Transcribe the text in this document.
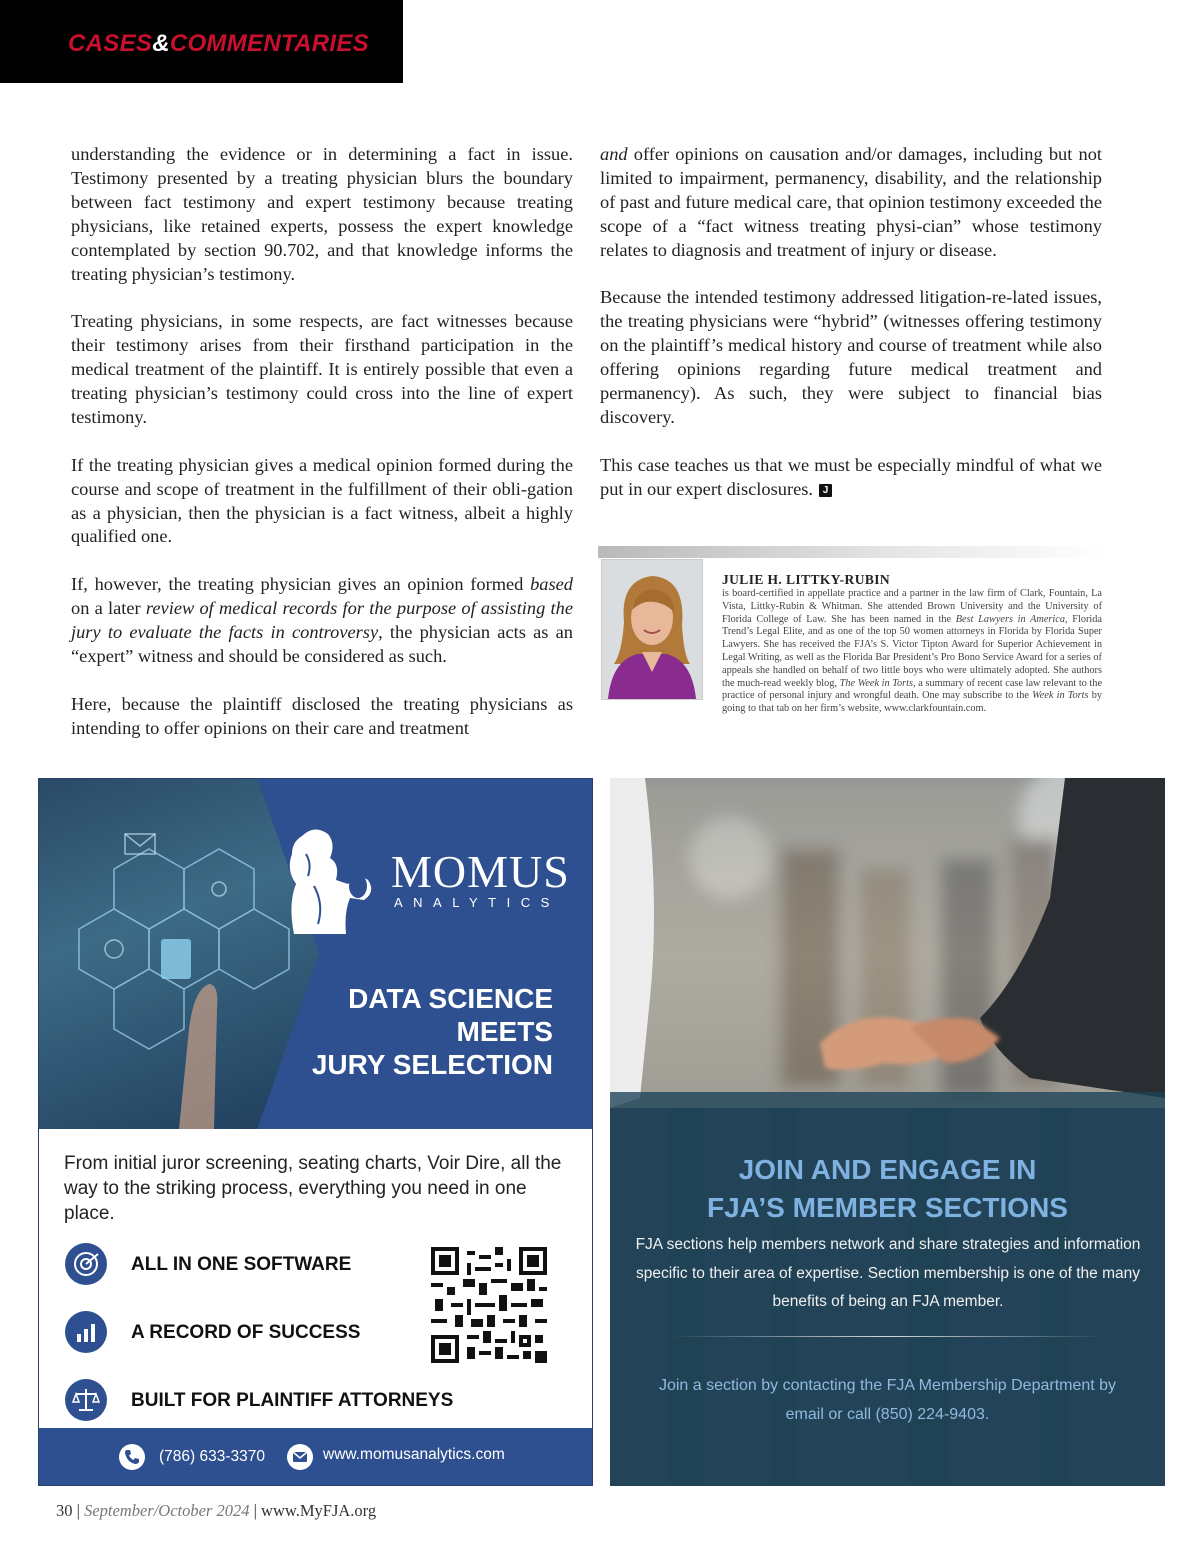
CASES&COMMENTARIES

understanding the evidence or in determining a fact in issue. Testimony presented by a treating physician blurs the boundary between fact testimony and expert testimony because treating physicians, like retained experts, possess the expert knowledge contemplated by section 90.702, and that knowledge informs the treating physician’s testimony.

Treating physicians, in some respects, are fact witnesses because their testimony arises from their firsthand participation in the medical treatment of the plaintiff. It is entirely possible that even a treating physician’s testimony could cross into the line of expert testimony.

If the treating physician gives a medical opinion formed during the course and scope of treatment in the fulfillment of their obli-gation as a physician, then the physician is a fact witness, albeit a highly qualified one.

If, however, the treating physician gives an opinion formed based on a later review of medical records for the purpose of assisting the jury to evaluate the facts in controversy, the physician acts as an “expert” witness and should be considered as such.

Here, because the plaintiff disclosed the treating physicians as intending to offer opinions on their care and treatment

and offer opinions on causation and/or damages, including but not limited to impairment, permanency, disability, and the relationship of past and future medical care, that opinion testimony exceeded the scope of a “fact witness treating physi-cian” whose testimony relates to diagnosis and treatment of injury or disease.

Because the intended testimony addressed litigation-re-lated issues, the treating physicians were “hybrid” (witnesses offering testimony on the plaintiff’s medical history and course of treatment while also offering opinions regarding future medical treatment and permanency). As such, they were subject to financial bias discovery.

This case teaches us that we must be especially mindful of what we put in our expert disclosures. J

JULIE H. LITTKY-RUBIN
is board-certified in appellate practice and a partner in the law firm of Clark, Fountain, La Vista, Littky-Rubin & Whitman. She attended Brown University and the University of Florida College of Law. She has been named in the Best Lawyers in America, Florida Trend’s Legal Elite, and as one of the top 50 women attorneys in Florida by Florida Super Lawyers. She has received the FJA’s S. Victor Tipton Award for Superior Achievement in Legal Writing, as well as the Florida Bar President’s Pro Bono Service Award for a series of appeals she handled on behalf of two little boys who were ultimately adopted. She authors the much-read weekly blog, The Week in Torts, a summary of recent case law relevant to the practice of personal injury and wrongful death. One may subscribe to the Week in Torts by going to that tab on her firm’s website, www.clarkfountain.com.
MOMUS
ANALYTICS
DATA SCIENCE
MEETS
JURY SELECTION
From initial juror screening, seating charts, Voir Dire, all the way to the striking process, everything you need in one place.
ALL IN ONE SOFTWARE
A RECORD OF SUCCESS
BUILT FOR PLAINTIFF ATTORNEYS
(786) 633-3370	www.momusanalytics.com
JOIN AND ENGAGE IN
FJA’S MEMBER SECTIONS
FJA sections help members network and share strategies and information specific to their area of expertise. Section membership is one of the many benefits of being an FJA member.
Join a section by contacting the FJA Membership Department by email or call (850) 224-9403.
30 | September/October 2024 | www.MyFJA.org
